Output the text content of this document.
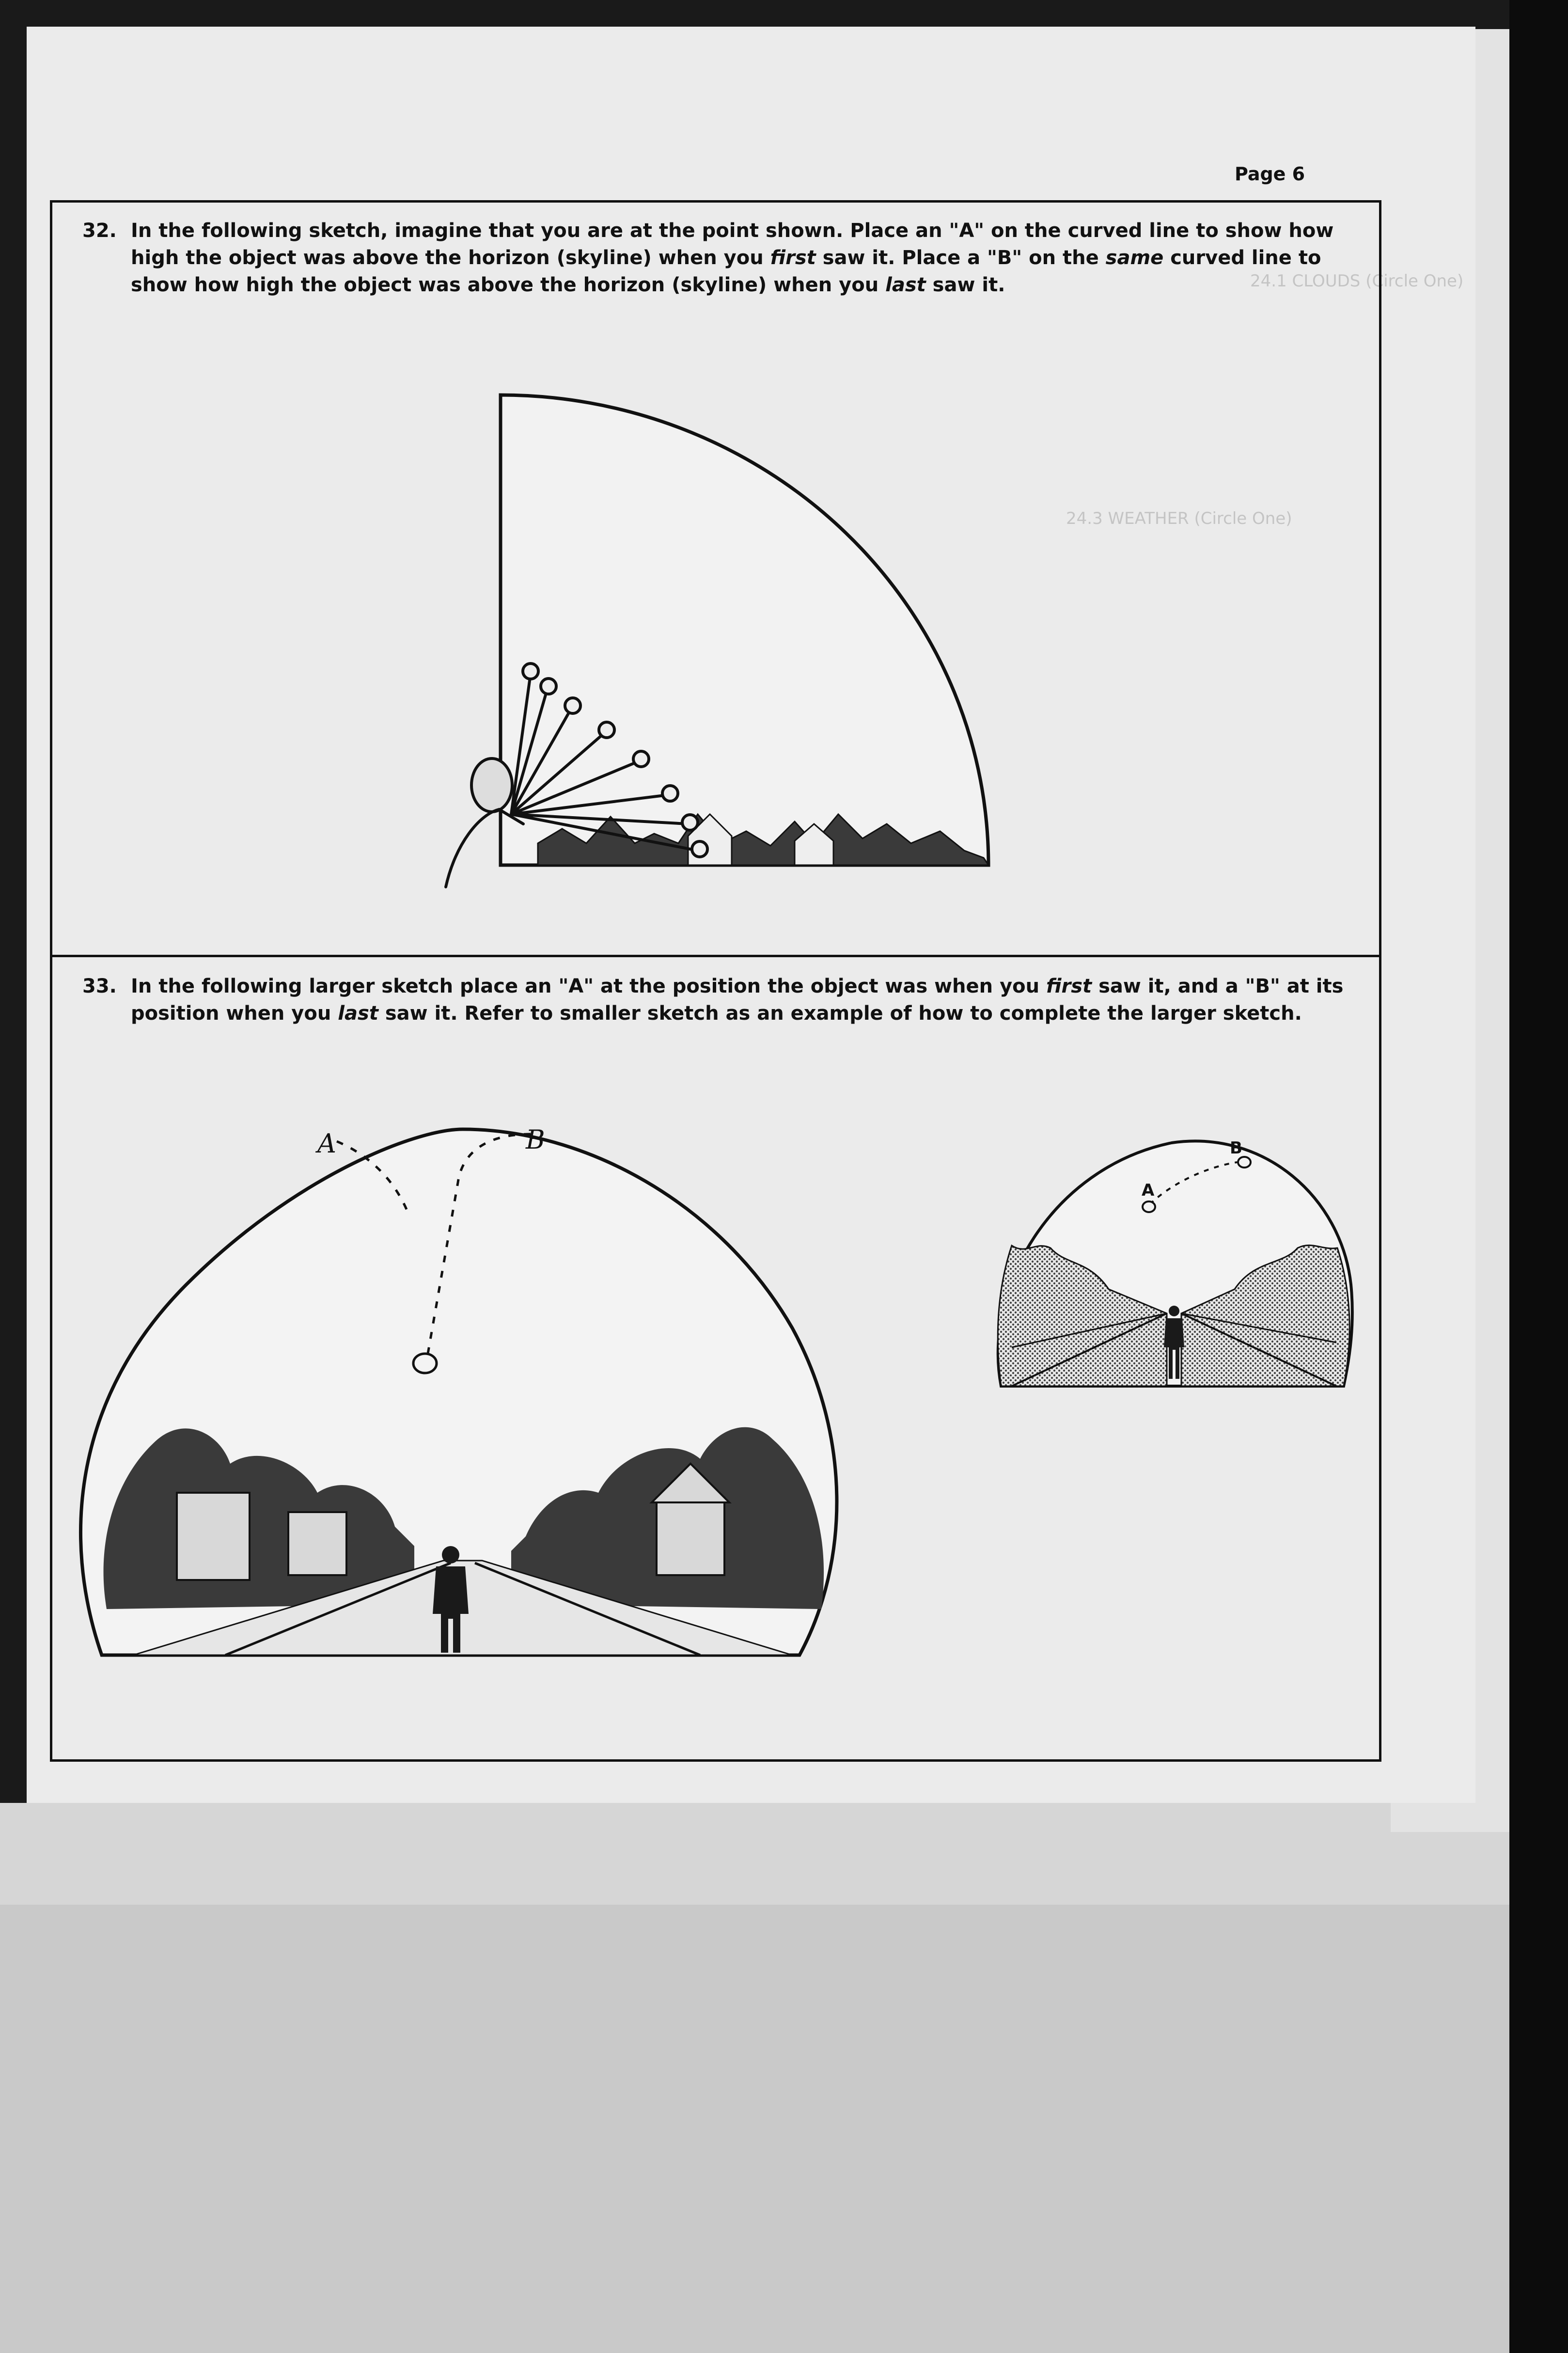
24.1 CLOUDS (Circle One)
24.3 WEATHER (Circle One)
Page 6
32. In the following sketch, imagine that you are at the point shown. Place an "A" on the curved line to show how
high the object was above the horizon (skyline) when you first saw it. Place a "B" on the same curved line to
show how high the object was above the horizon (skyline) when you last saw it.
33. In the following larger sketch place an "A" at the position the object was when you first saw it, and a "B" at its
position when you last saw it. Refer to smaller sketch as an example of how to complete the larger sketch.
A	B
A
B
